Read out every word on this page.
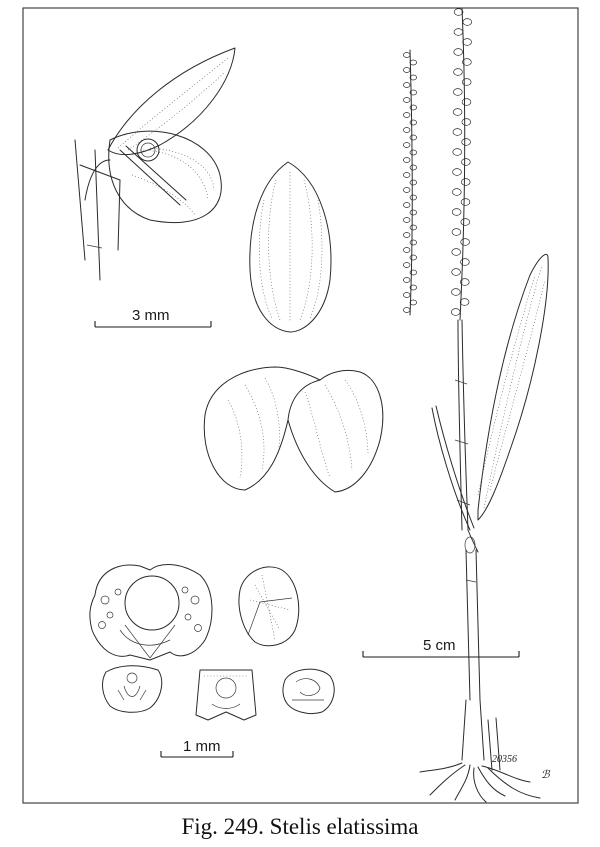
3 mm
5 cm
1 mm
20356
ℬ
Fig. 249. Stelis elatissima
